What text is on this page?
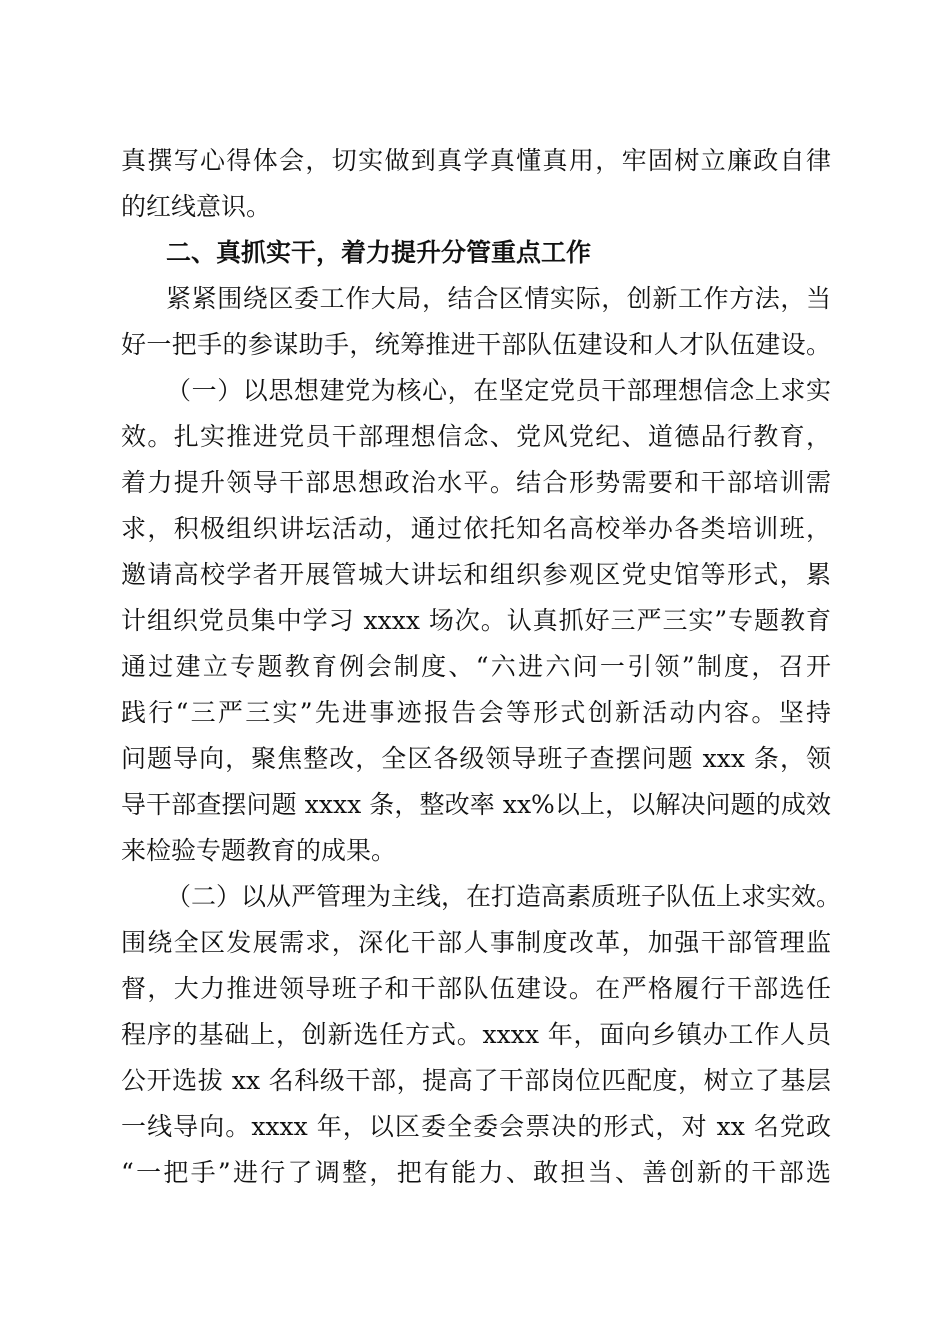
真撰写心得体会，切实做到真学真懂真用，牢固树立廉政自律
的红线意识。
二、真抓实干，着力提升分管重点工作
紧紧围绕区委工作大局，结合区情实际，创新工作方法，当
好一把手的参谋助手，统筹推进干部队伍建设和人才队伍建设。
（一）以思想建党为核心，在坚定党员干部理想信念上求实
效。扎实推进党员干部理想信念、党风党纪、道德品行教育，
着力提升领导干部思想政治水平。结合形势需要和干部培训需
求，积极组织讲坛活动，通过依托知名高校举办各类培训班，
邀请高校学者开展管城大讲坛和组织参观区党史馆等形式，累
计组织党员集中学习 xxxx 场次。认真抓好三严三实”专题教育
通过建立专题教育例会制度、“六进六问一引领”制度，召开
践行“三严三实”先进事迹报告会等形式创新活动内容。坚持
问题导向，聚焦整改，全区各级领导班子查摆问题 xxx 条，领
导干部查摆问题 xxxx 条，整改率 xx%以上，以解决问题的成效
来检验专题教育的成果。
（二）以从严管理为主线，在打造高素质班子队伍上求实效。
围绕全区发展需求，深化干部人事制度改革，加强干部管理监
督，大力推进领导班子和干部队伍建设。在严格履行干部选任
程序的基础上，创新选任方式。xxxx 年，面向乡镇办工作人员
公开选拔 xx 名科级干部，提高了干部岗位匹配度，树立了基层
一线导向。xxxx 年，以区委全委会票决的形式，对 xx 名党政
“一把手”进行了调整，把有能力、敢担当、善创新的干部选
